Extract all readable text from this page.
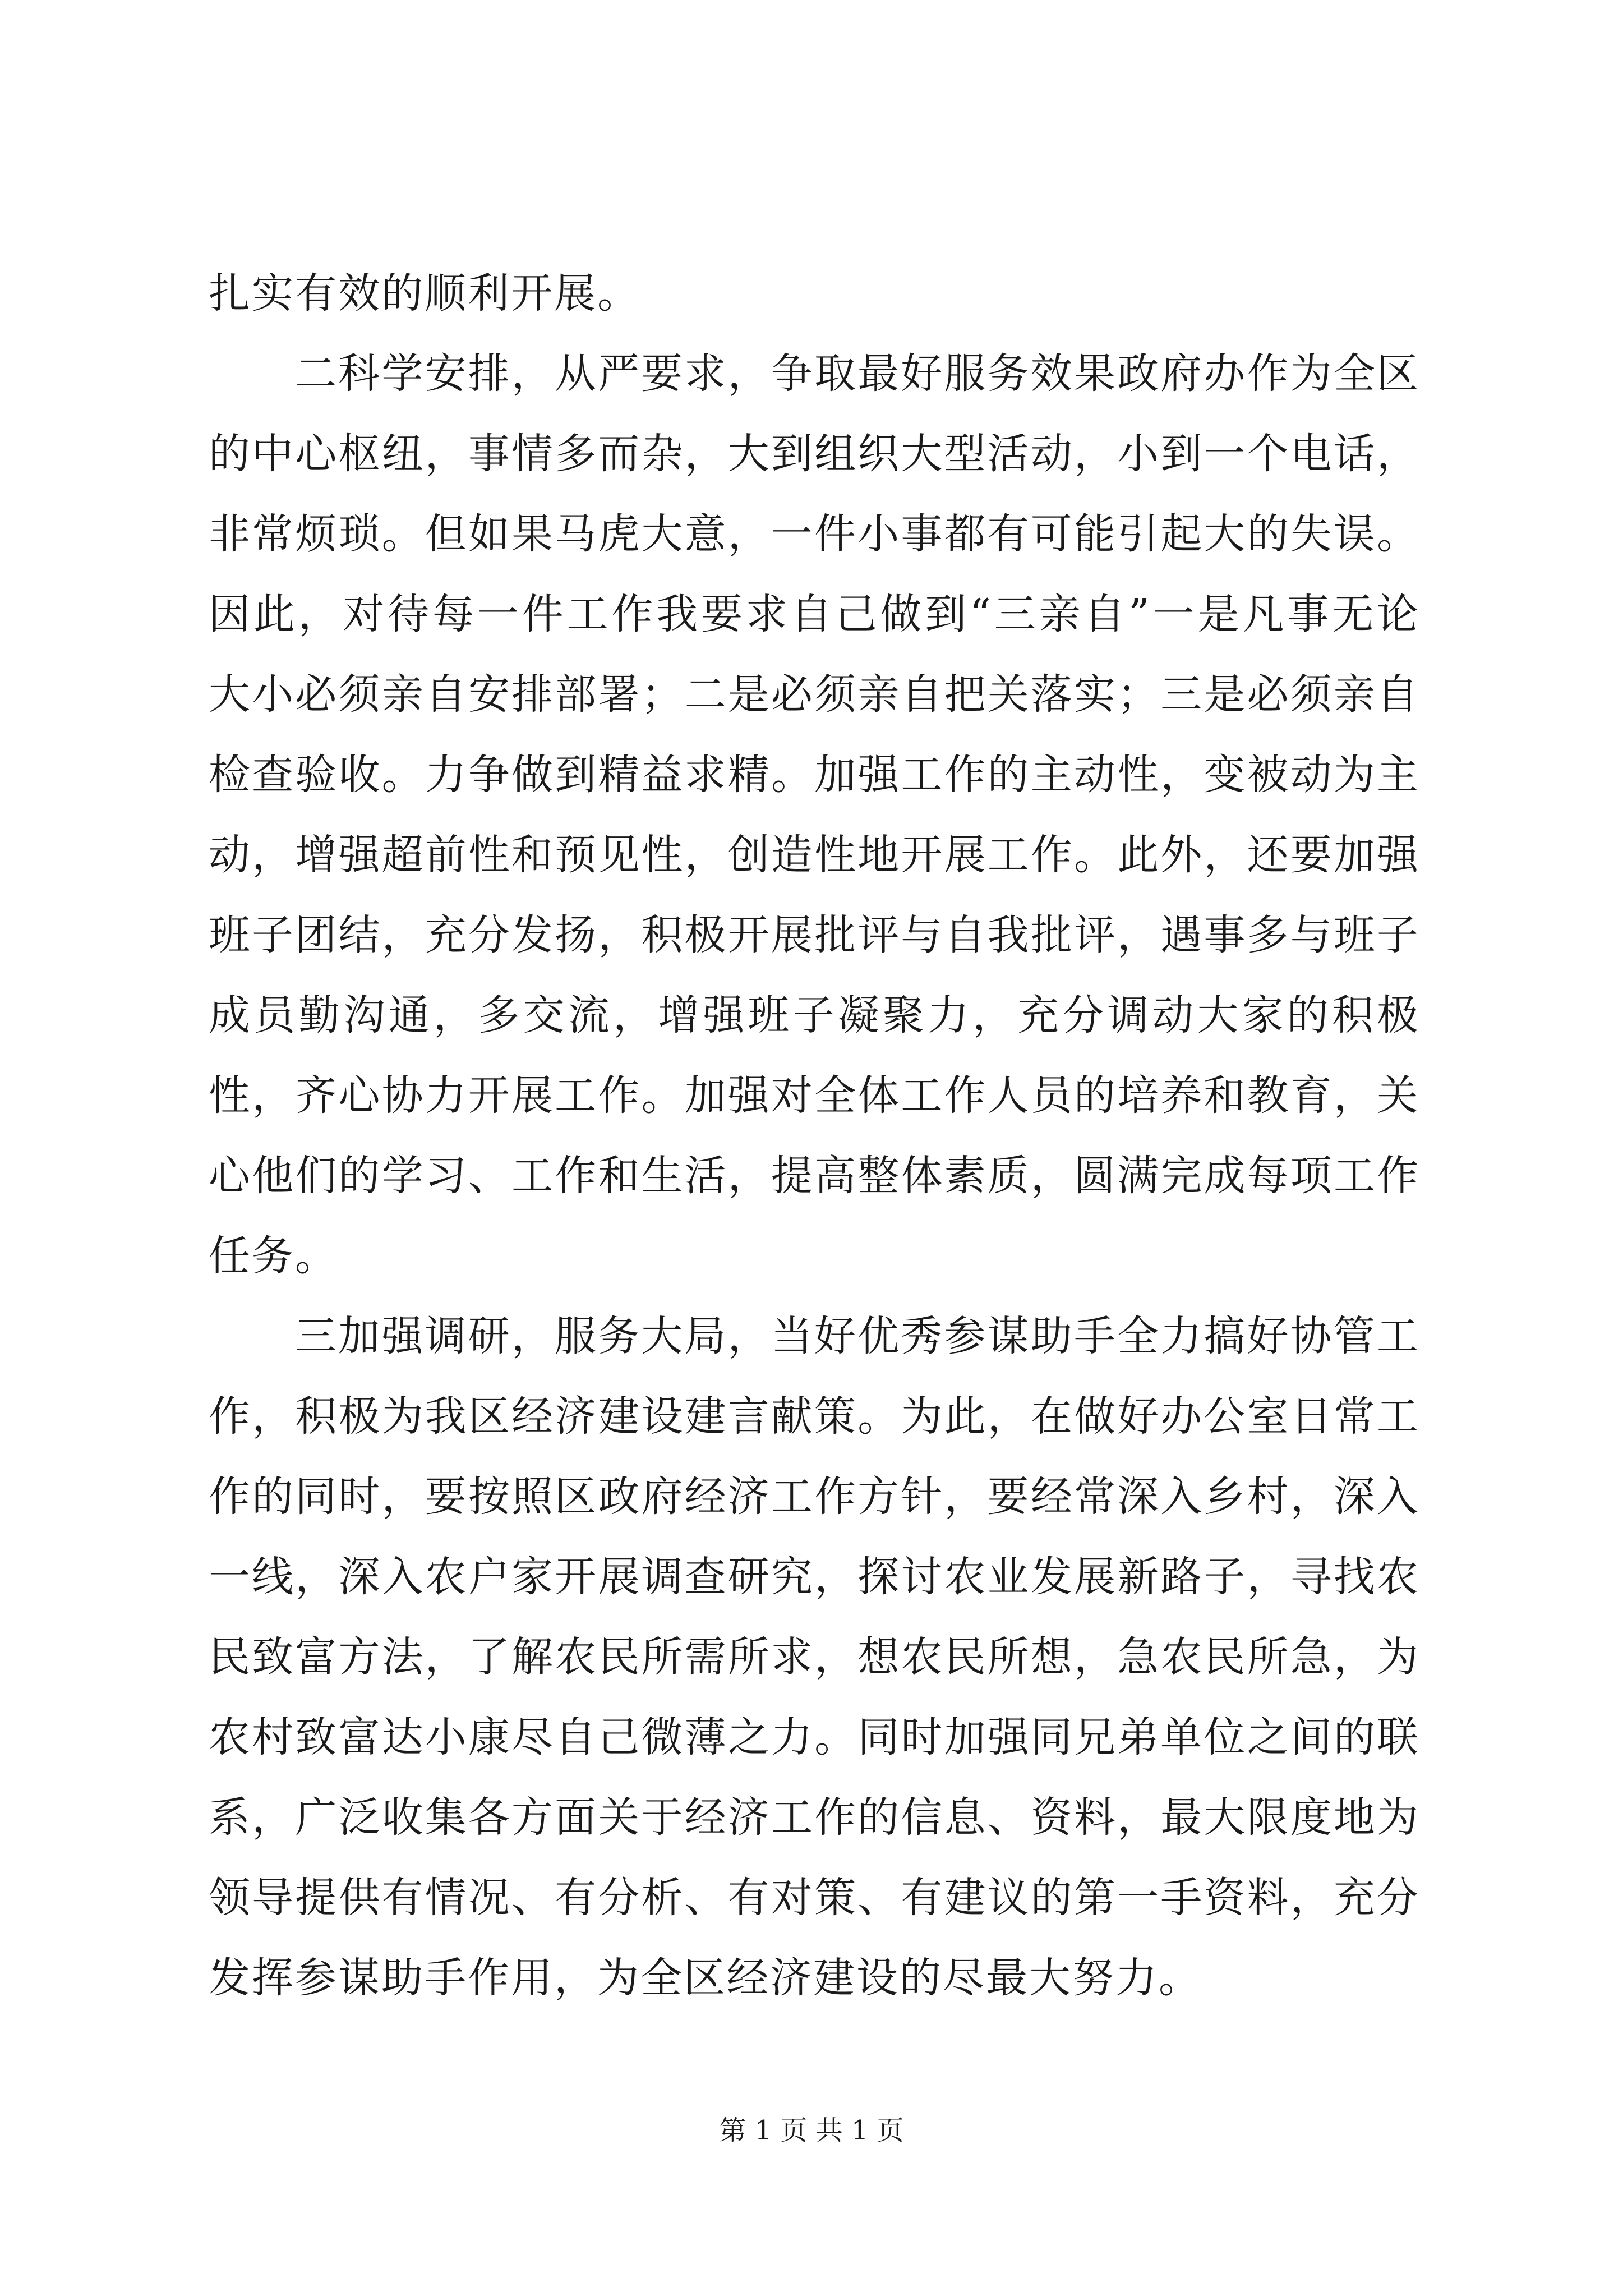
扎实有效的顺利开展。

二科学安排，从严要求，争取最好服务效果政府办作为全区的中心枢纽，事情多而杂，大到组织大型活动，小到一个电话，非常烦琐。但如果马虎大意，一件小事都有可能引起大的失误。因此，对待每一件工作我要求自己做到“三亲自”一是凡事无论大小必须亲自安排部署；二是必须亲自把关落实；三是必须亲自检查验收。力争做到精益求精。加强工作的主动性，变被动为主动，增强超前性和预见性，创造性地开展工作。此外，还要加强班子团结，充分发扬，积极开展批评与自我批评，遇事多与班子成员勤沟通，多交流，增强班子凝聚力，充分调动大家的积极性，齐心协力开展工作。加强对全体工作人员的培养和教育，关心他们的学习、工作和生活，提高整体素质，圆满完成每项工作任务。

三加强调研，服务大局，当好优秀参谋助手全力搞好协管工作，积极为我区经济建设建言献策。为此，在做好办公室日常工作的同时，要按照区政府经济工作方针，要经常深入乡村，深入一线，深入农户家开展调查研究，探讨农业发展新路子，寻找农民致富方法，了解农民所需所求，想农民所想，急农民所急，为农村致富达小康尽自己微薄之力。同时加强同兄弟单位之间的联系，广泛收集各方面关于经济工作的信息、资料，最大限度地为领导提供有情况、有分析、有对策、有建议的第一手资料，充分发挥参谋助手作用，为全区经济建设的尽最大努力。

第 1 页 共 1 页
